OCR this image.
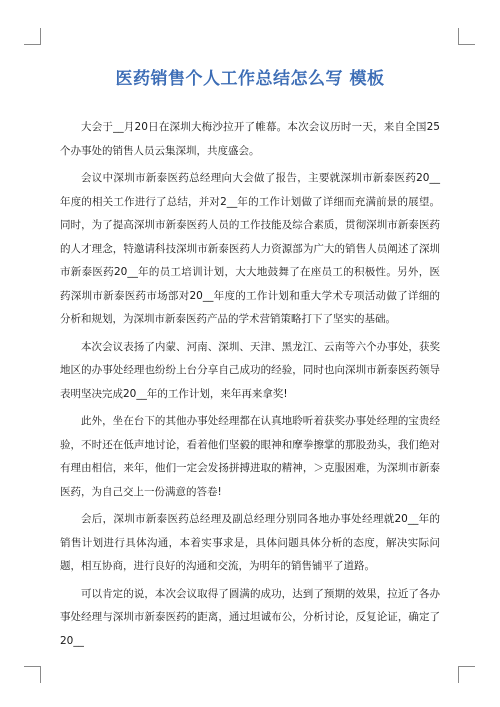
医药销售个人工作总结怎么写 模板

大会于__月20日在深圳大梅沙拉开了帷幕。本次会议历时一天，来自全国25个办事处的销售人员云集深圳，共度盛会。

会议中深圳市新泰医药总经理向大会做了报告，主要就深圳市新泰医药20__年度的相关工作进行了总结，并对2__年的工作计划做了详细而充满前景的展望。同时，为了提高深圳市新泰医药人员的工作技能及综合素质，贯彻深圳市新泰医药的人才理念，特邀请科技深圳市新泰医药人力资源部为广大的销售人员阐述了深圳市新泰医药20__年的员工培训计划，大大地鼓舞了在座员工的积极性。另外，医药深圳市新泰医药市场部对20__年度的工作计划和重大学术专项活动做了详细的分析和规划，为深圳市新泰医药产品的学术营销策略打下了坚实的基础。

本次会议表扬了内蒙、河南、深圳、天津、黑龙江、云南等六个办事处，获奖地区的办事处经理也纷纷上台分享自己成功的经验，同时也向深圳市新泰医药领导表明坚决完成20__年的工作计划，来年再来拿奖!

此外，坐在台下的其他办事处经理都在认真地聆听着获奖办事处经理的宝贵经验，不时还在低声地讨论，看着他们坚毅的眼神和摩拳擦掌的那股劲头，我们绝对有理由相信，来年，他们一定会发扬拼搏进取的精神，＞克服困难，为深圳市新泰医药，为自己交上一份满意的答卷!

会后，深圳市新泰医药总经理及副总经理分别同各地办事处经理就20__年的销售计划进行具体沟通，本着实事求是，具体问题具体分析的态度，解决实际问题，相互协商，进行良好的沟通和交流，为明年的销售铺平了道路。

可以肯定的说，本次会议取得了圆满的成功，达到了预期的效果，拉近了各办事处经理与深圳市新泰医药的距离，通过坦诚布公，分析讨论，反复论证，确定了20__
